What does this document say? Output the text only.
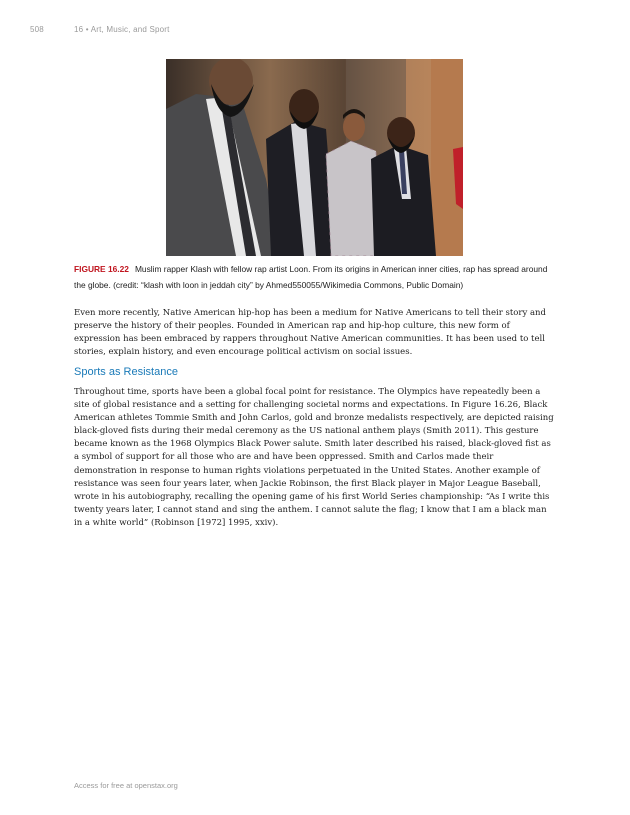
508	16 • Art, Music, and Sport
FIGURE 16.22 Muslim rapper Klash with fellow rap artist Loon. From its origins in American inner cities, rap has spread around the globe. (credit: “klash with loon in jeddah city” by Ahmed550055/Wikimedia Commons, Public Domain)

Even more recently, Native American hip-hop has been a medium for Native Americans to tell their story and preserve the history of their peoples. Founded in American rap and hip-hop culture, this new form of expression has been embraced by rappers throughout Native American communities. It has been used to tell stories, explain history, and even encourage political activism on social issues.

Sports as Resistance

Throughout time, sports have been a global focal point for resistance. The Olympics have repeatedly been a site of global resistance and a setting for challenging societal norms and expectations. In Figure 16.26, Black American athletes Tommie Smith and John Carlos, gold and bronze medalists respectively, are depicted raising black-gloved fists during their medal ceremony as the US national anthem plays (Smith 2011). This gesture became known as the 1968 Olympics Black Power salute. Smith later described his raised, black-gloved fist as a symbol of support for all those who are and have been oppressed. Smith and Carlos made their demonstration in response to human rights violations perpetuated in the United States. Another example of resistance was seen four years later, when Jackie Robinson, the first Black player in Major League Baseball, wrote in his autobiography, recalling the opening game of his first World Series championship: “As I write this twenty years later, I cannot stand and sing the anthem. I cannot salute the flag; I know that I am a black man in a white world” (Robinson [1972] 1995, xxiv).

Access for free at openstax.org
